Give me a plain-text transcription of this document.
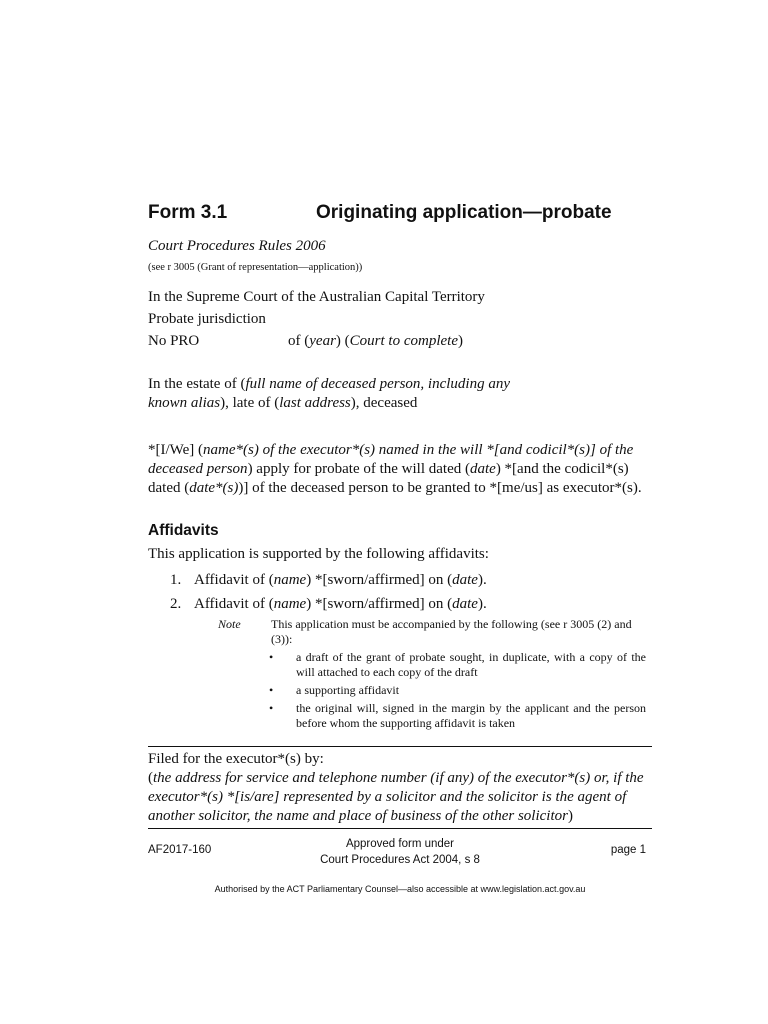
Form 3.1	Originating application—probate
Court Procedures Rules 2006
(see r 3005 (Grant of representation—application))
In the Supreme Court of the Australian Capital Territory
Probate jurisdiction
No PRO	of (year) (Court to complete)
In the estate of (full name of deceased person, including any known alias), late of (last address), deceased
*[I/We] (name*(s) of the executor*(s) named in the will *[and codicil*(s)] of the deceased person) apply for probate of the will dated (date) *[and the codicil*(s) dated (date*(s))] of the deceased person to be granted to *[me/us] as executor*(s).
Affidavits
This application is supported by the following affidavits:
1. Affidavit of (name) *[sworn/affirmed] on (date).
2. Affidavit of (name) *[sworn/affirmed] on (date).
Note	This application must be accompanied by the following (see r 3005 (2) and (3)):
• a draft of the grant of probate sought, in duplicate, with a copy of the will attached to each copy of the draft
• a supporting affidavit
• the original will, signed in the margin by the applicant and the person before whom the supporting affidavit is taken
Filed for the executor*(s) by:
(the address for service and telephone number (if any) of the executor*(s) or, if the executor*(s) *[is/are] represented by a solicitor and the solicitor is the agent of another solicitor, the name and place of business of the other solicitor)
AF2017-160	Approved form under
Court Procedures Act 2004, s 8
page 1
Authorised by the ACT Parliamentary Counsel—also accessible at www.legislation.act.gov.au
